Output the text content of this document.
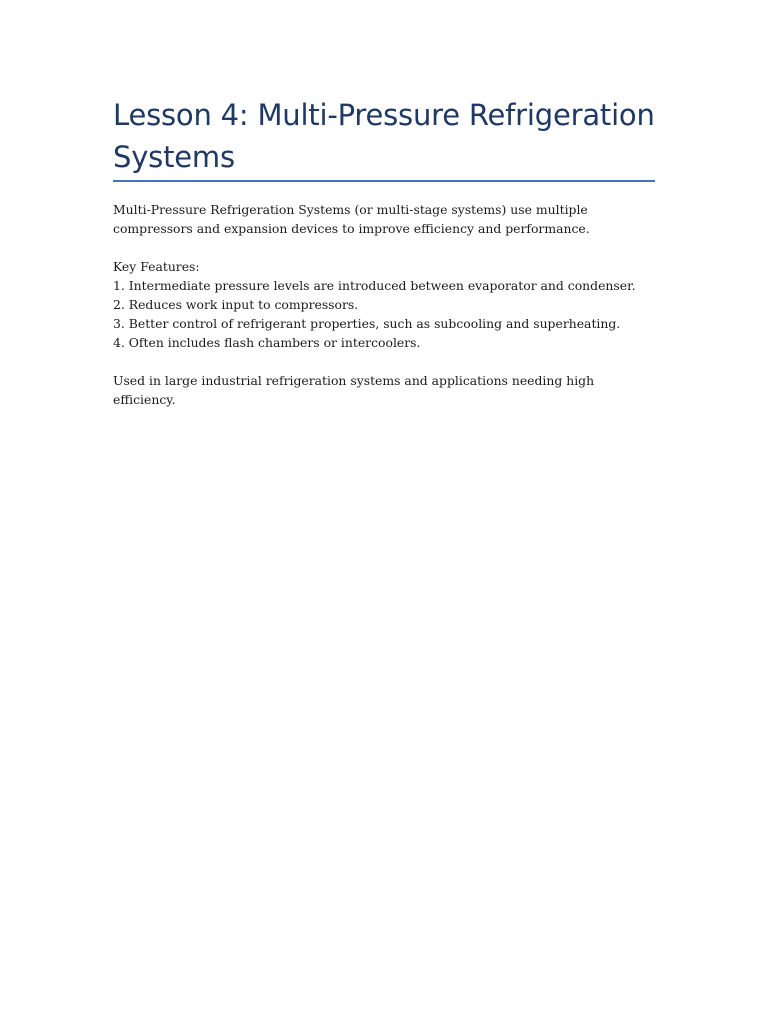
Lesson 4: Multi-Pressure Refrigeration Systems

Multi-Pressure Refrigeration Systems (or multi-stage systems) use multiple compressors and expansion devices to improve efficiency and performance.

Key Features:

1. Intermediate pressure levels are introduced between evaporator and condenser.
2. Reduces work input to compressors.
3. Better control of refrigerant properties, such as subcooling and superheating.
4. Often includes flash chambers or intercoolers.

Used in large industrial refrigeration systems and applications needing high efficiency.
